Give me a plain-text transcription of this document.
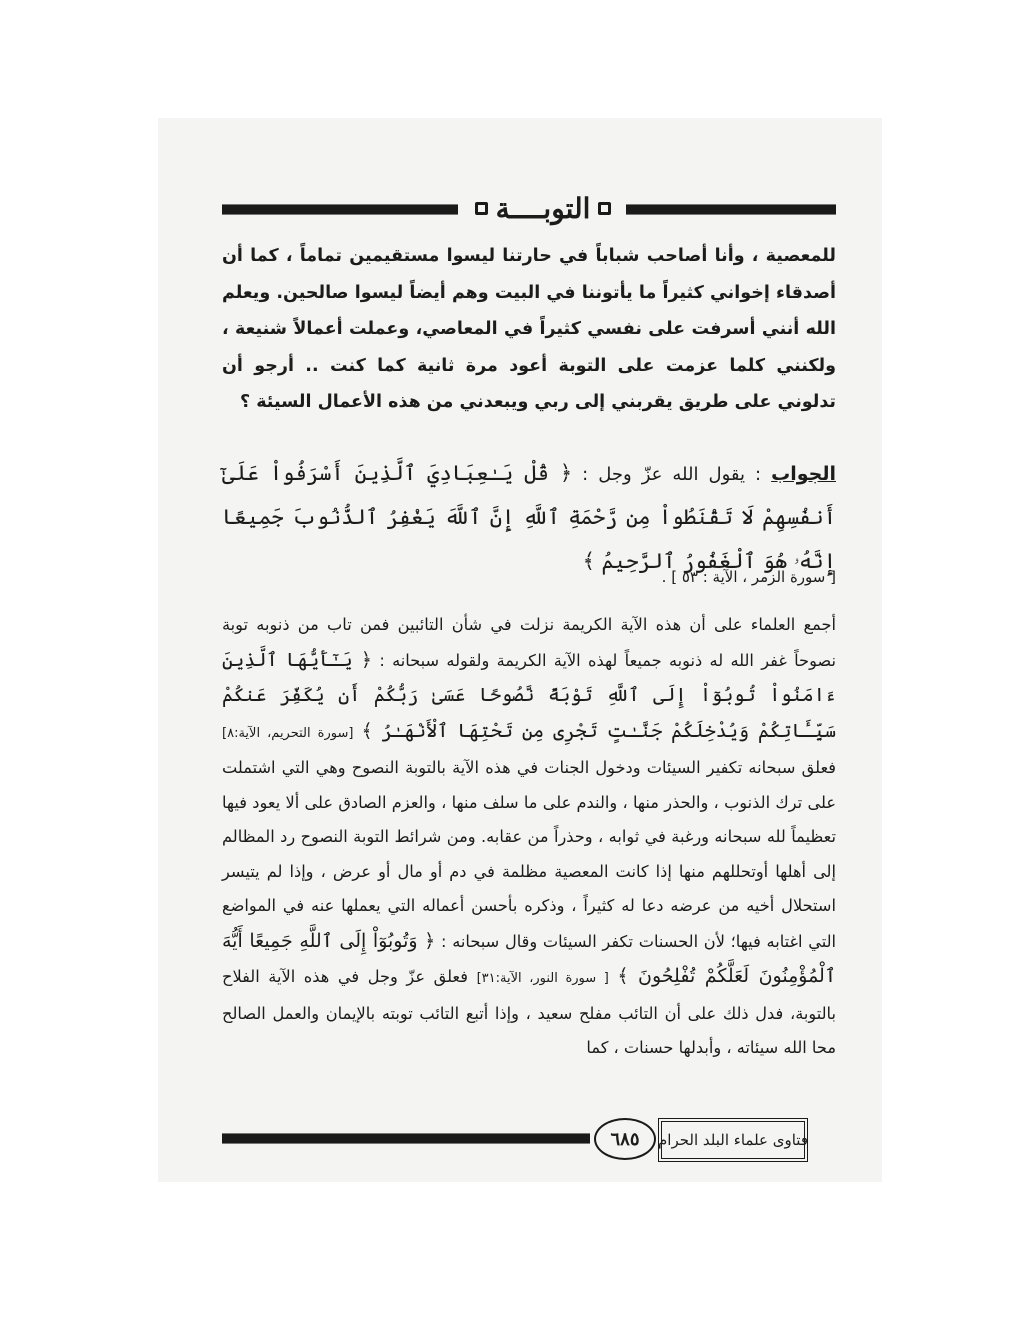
التوبــــة
للمعصية ، وأنا أصاحب شباباً في حارتنا ليسوا مستقيمين تماماً ، كما أن أصدقاء إخواني كثيراً ما يأتوننا في البيت وهم أيضاً ليسوا صالحين. ويعلم الله أنني أسرفت على نفسي كثيراً في المعاصي، وعملت أعمالاً شنيعة ، ولكنني كلما عزمت على التوبة أعود مرة ثانية كما كنت .. أرجو أن تدلوني على طريق يقربني إلى ربي ويبعدني من هذه الأعمال السيئة ؟
الجواب : يقول الله عزّ وجل : ﴿ قُلْ يَـٰعِبَادِيَ ٱلَّذِينَ أَسْرَفُواْ عَلَىٰٓ أَنفُسِهِمْ لَا تَقْنَطُواْ مِن رَّحْمَةِ ٱللَّهِ إِنَّ ٱللَّهَ يَغْفِرُ ٱلذُّنُوبَ جَمِيعًا إِنَّهُۥ هُوَ ٱلْغَفُورُ ٱلرَّحِيمُ ﴾
[ سورة الزمر ، الآية : ٥٣ ] .
أجمع العلماء على أن هذه الآية الكريمة نزلت في شأن التائبين فمن تاب من ذنوبه توبة نصوحاً غفر الله له ذنوبه جميعاً لهذه الآية الكريمة ولقوله سبحانه : ﴿ يَـٰٓأَيُّهَا ٱلَّذِينَ ءَامَنُواْ تُوبُوٓاْ إِلَى ٱللَّهِ تَوْبَةً نَّصُوحًا عَسَىٰ رَبُّكُمْ أَن يُكَفِّرَ عَنكُمْ سَيِّـَٔاتِكُمْ وَيُدْخِلَكُمْ جَنَّـٰتٍ تَجْرِى مِن تَحْتِهَا ٱلْأَنْهَـٰرُ ﴾ [سورة التحريم، الآية:٨] فعلق سبحانه تكفير السيئات ودخول الجنات في هذه الآية بالتوبة النصوح وهي التي اشتملت على ترك الذنوب ، والحذر منها ، والندم على ما سلف منها ، والعزم الصادق على ألا يعود فيها تعظيماً لله سبحانه ورغبة في ثوابه ، وحذراً من عقابه. ومن شرائط التوبة النصوح رد المظالم إلى أهلها أوتحللهم منها إذا كانت المعصية مظلمة في دم أو مال أو عرض ، وإذا لم يتيسر استحلال أخيه من عرضه دعا له كثيراً ، وذكره بأحسن أعماله التي يعملها عنه في المواضع التي اغتابه فيها؛ لأن الحسنات تكفر السيئات وقال سبحانه : ﴿ وَتُوبُوٓاْ إِلَى ٱللَّهِ جَمِيعًا أَيُّهَ ٱلْمُؤْمِنُونَ لَعَلَّكُمْ تُفْلِحُونَ ﴾ [ سورة النور، الآية:٣١] فعلق عزّ وجل في هذه الآية الفلاح بالتوبة، فدل ذلك على أن التائب مفلح سعيد ، وإذا أتبع التائب توبته بالإيمان والعمل الصالح محا الله سيئاته ، وأبدلها حسنات ، كما
٦٨٥	فتاوى علماء البلد الحرام
